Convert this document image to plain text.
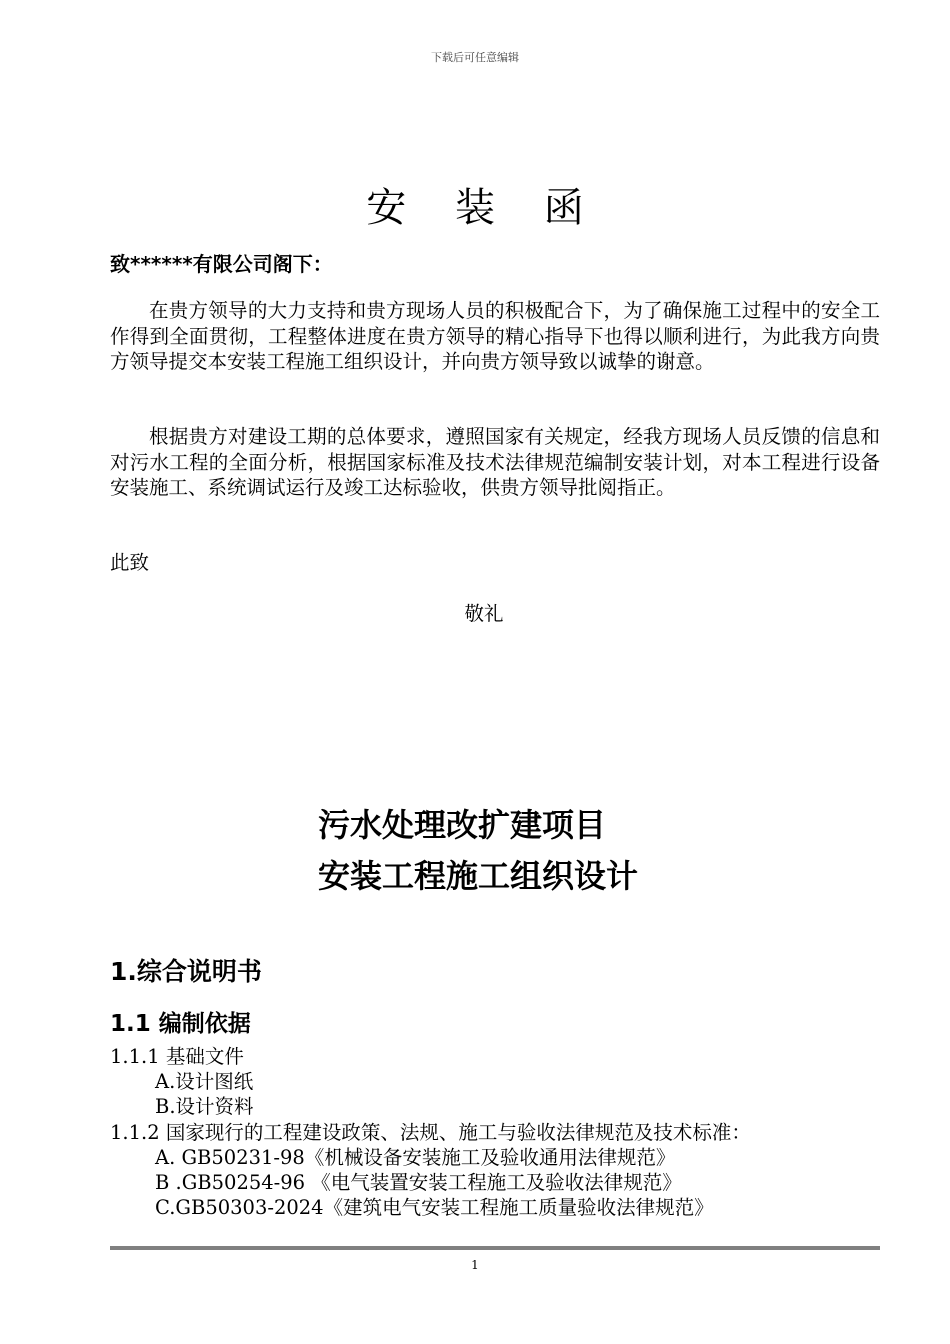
下载后可任意编辑
安 装 函
致******有限公司阁下：
在贵方领导的大力支持和贵方现场人员的积极配合下，为了确保施工过程中的安全工作得到全面贯彻，工程整体进度在贵方领导的精心指导下也得以顺利进行，为此我方向贵方领导提交本安装工程施工组织设计，并向贵方领导致以诚挚的谢意。
根据贵方对建设工期的总体要求，遵照国家有关规定，经我方现场人员反馈的信息和对污水工程的全面分析，根据国家标准及技术法律规范编制安装计划，对本工程进行设备安装施工、系统调试运行及竣工达标验收，供贵方领导批阅指正。
此致
敬礼
污水处理改扩建项目
安装工程施工组织设计
1.综合说明书
1.1 编制依据
1.1.1 基础文件
A.设计图纸
B.设计资料
1.1.2 国家现行的工程建设政策、法规、施工与验收法律规范及技术标准：
A. GB50231-98《机械设备安装施工及验收通用法律规范》
B .GB50254-96 《电气装置安装工程施工及验收法律规范》
C.GB50303-2024《建筑电气安装工程施工质量验收法律规范》
1
